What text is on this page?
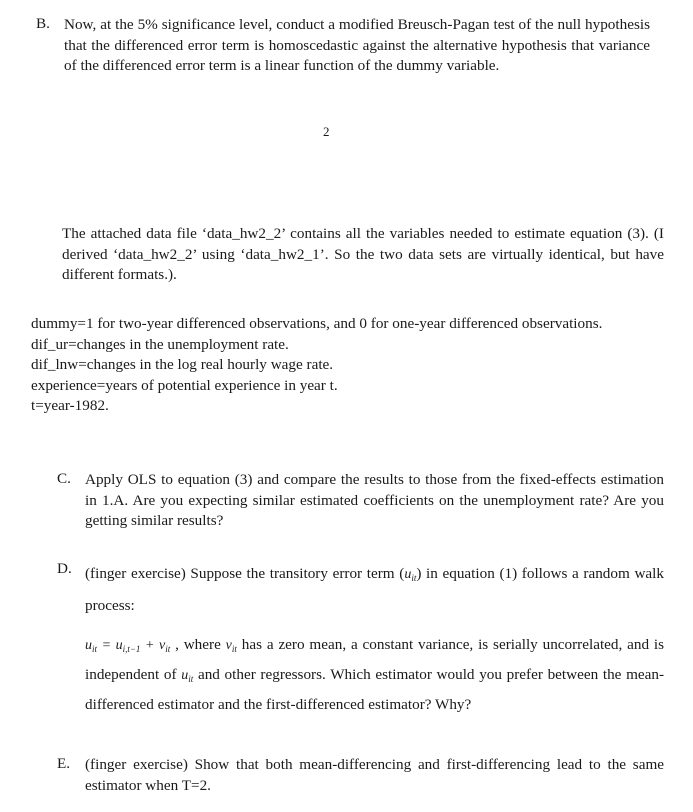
B. Now, at the 5% significance level, conduct a modified Breusch-Pagan test of the null hypothesis that the differenced error term is homoscedastic against the alternative hypothesis that variance of the differenced error term is a linear function of the dummy variable.
2
The attached data file ‘data_hw2_2’ contains all the variables needed to estimate equation (3). (I derived ‘data_hw2_2’ using ‘data_hw2_1’. So the two data sets are virtually identical, but have different formats.).
dummy=1 for two-year differenced observations, and 0 for one-year differenced observations.
dif_ur=changes in the unemployment rate.
dif_lnw=changes in the log real hourly wage rate.
experience=years of potential experience in year t.
t=year-1982.
C. Apply OLS to equation (3) and compare the results to those from the fixed-effects estimation in 1.A. Are you expecting similar estimated coefficients on the unemployment rate? Are you getting similar results?
D. (finger exercise) Suppose the transitory error term $(u_{it})$ in equation (1) follows a random walk process:
$u_{it} = u_{i,t-1} + v_{it}$ , where $v_{it}$ has a zero mean, a constant variance, is serially uncorrelated, and is independent of $u_{it}$ and other regressors. Which estimator would you prefer between the mean-differenced estimator and the first-differenced estimator? Why?
E. (finger exercise) Show that both mean-differencing and first-differencing lead to the same estimator when T=2.
